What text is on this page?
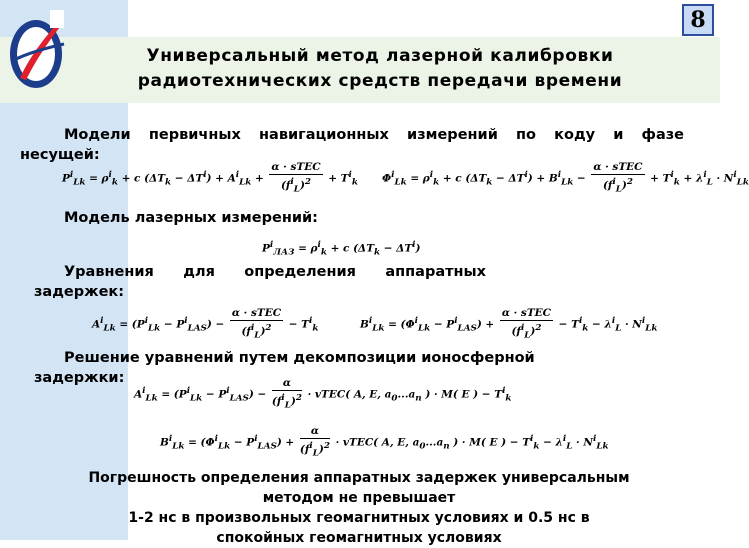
8
Универсальный метод лазерной калибровки
радиотехнических средств передачи времени
Модели первичных навигационных измерений по коду и фазе
несущей:
$P^i_{Lk} = \rho^i_k + c$ $(\Delta T_k - \Delta T^i) + A^i_{Lk} + \frac{\text{α · sTEC}}{(f^i_L)^2} + T^i_k$ $\Phi^i_{Lk} = \rho^i_k + c$ $(\Delta T_k - \Delta T^i) + B^i_{Lk} - \frac{\text{α · sTEC}}{(f^i_L)^2} + T^i_k + \lambda^i_L \cdot N^i_{Lk}$
Модель лазерных измерений:
$P^i_{ЛАЗ} = \rho^i_k + c$ $(\Delta T_k - \Delta T^i)$
Уравнения для определения аппаратных
задержек:
$A^i_{Lk} = (P^i_{Lk} - P^i_{LAS}) - \frac{\text{α · sTEC}}{(f^i_L)^2} - T^i_k$	$B^i_{Lk} = (\Phi^i_{Lk} - P^i_{LAS}) + \frac{\text{α · sTEC}}{(f^i_L)^2} - T^i_k - \lambda^i_L \cdot N^i_{Lk}$
Решение уравнений путем декомпозиции ионосферной
задержки:
$A^i_{Lk} = (P^i_{Lk} - P^i_{LAS}) - \frac{\alpha}{(f^i_L)^2}$ · vTEC( A, E, $a_0...a_n$ ) · M( E ) − $T^i_k$
$B^i_{Lk} = (\Phi^i_{Lk} - P^i_{LAS}) + \frac{\alpha}{(f^i_L)^2}$ · vTEC( A, E, $a_0...a_n$ ) · M( E ) − $T^i_k - \lambda^i_L \cdot N^i_{Lk}$
Погрешность определения аппаратных задержек универсальным
методом не превышает
1-2 нс в произвольных геомагнитных условиях и 0.5 нс в
спокойных геомагнитных условиях
